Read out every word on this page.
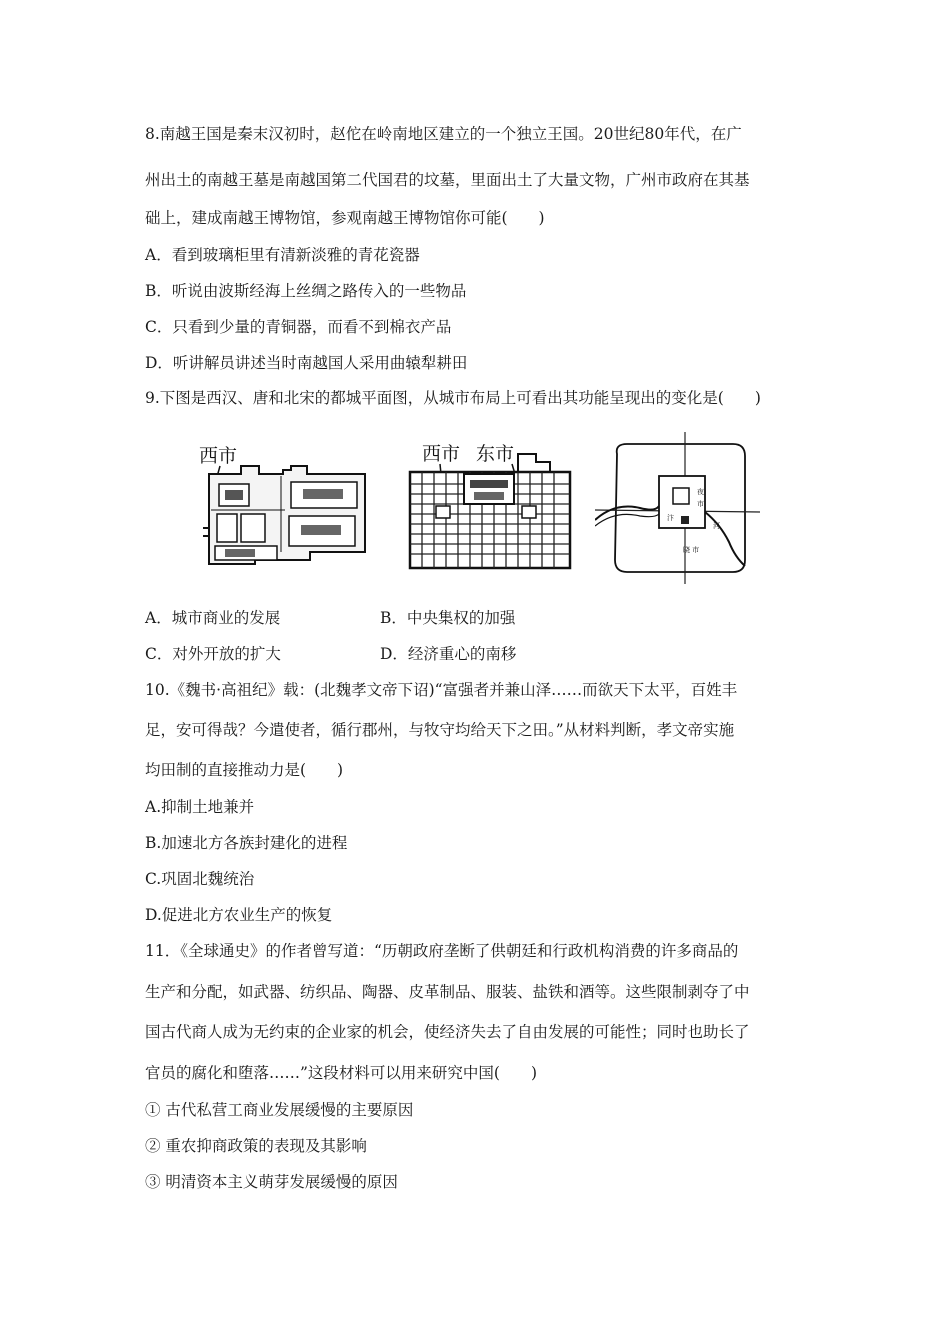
8.南越王国是秦末汉初时，赵佗在岭南地区建立的一个独立王国。20世纪80年代，在广
州出土的南越王墓是南越国第二代国君的坟墓，里面出土了大量文物，广州市政府在其基
础上，建成南越王博物馆，参观南越王博物馆你可能(　　)
A．看到玻璃柜里有清新淡雅的青花瓷器
B．听说由波斯经海上丝绸之路传入的一些物品
C．只看到少量的青铜器，而看不到棉衣产品
D．听讲解员讲述当时南越国人采用曲辕犁耕田
9.下图是西汉、唐和北宋的都城平面图，从城市布局上可看出其功能呈现出的变化是(　　)
西市	西市 东市
夜
市
晓 市
汴
河
A．城市商业的发展	B．中央集权的加强
C．对外开放的扩大	D．经济重心的南移
10.《魏书·高祖纪》载：(北魏孝文帝下诏)“富强者并兼山泽……而欲天下太平，百姓丰
足，安可得哉？今遣使者，循行郡州，与牧守均给天下之田。”从材料判断，孝文帝实施
均田制的直接推动力是(　　)
A.抑制土地兼并
B.加速北方各族封建化的进程
C.巩固北魏统治
D.促进北方农业生产的恢复
11．《全球通史》的作者曾写道：“历朝政府垄断了供朝廷和行政机构消费的许多商品的
生产和分配，如武器、纺织品、陶器、皮革制品、服装、盐铁和酒等。这些限制剥夺了中
国古代商人成为无约束的企业家的机会，使经济失去了自由发展的可能性；同时也助长了
官员的腐化和堕落……”这段材料可以用来研究中国(　　)
① 古代私营工商业发展缓慢的主要原因
② 重农抑商政策的表现及其影响
③ 明清资本主义萌芽发展缓慢的原因
